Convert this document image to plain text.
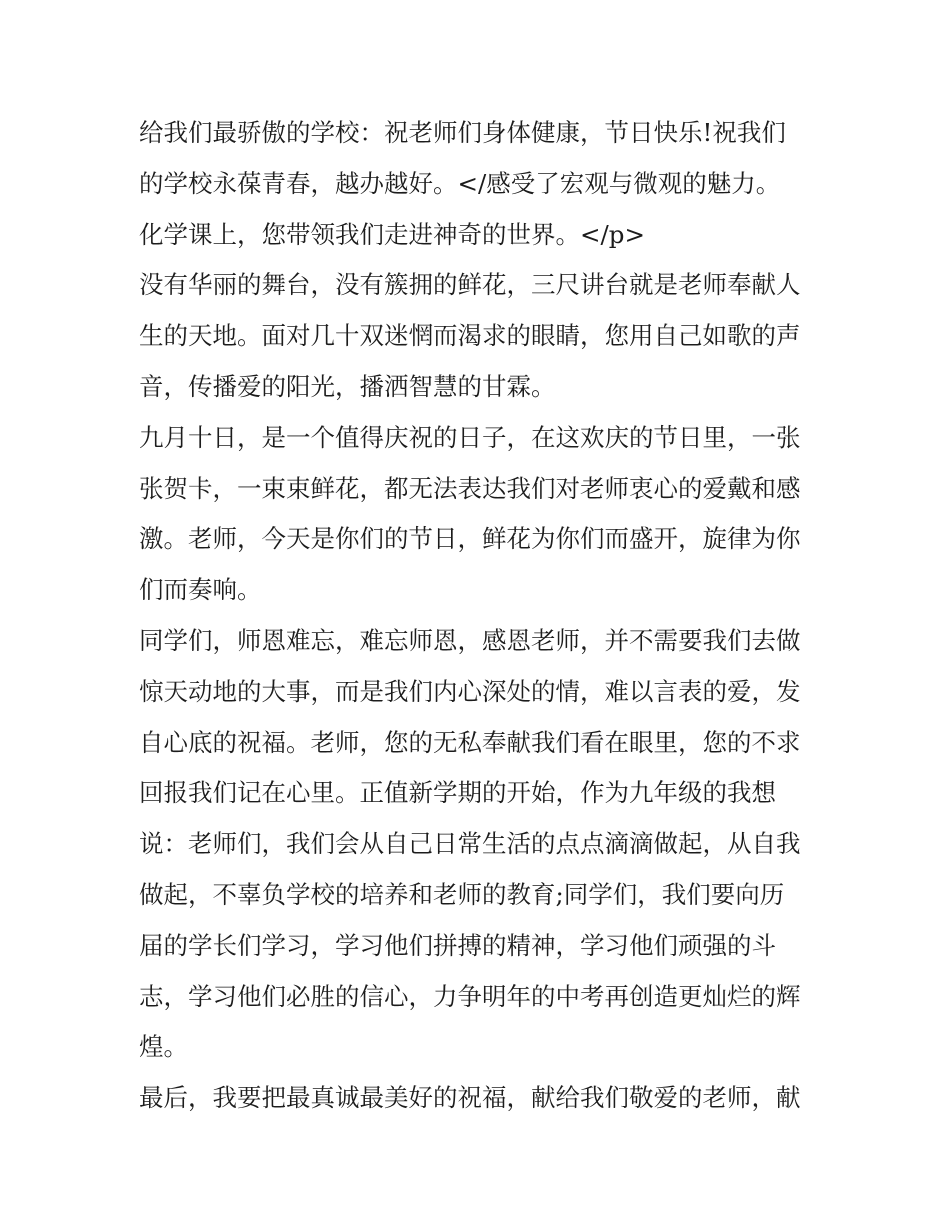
给我们最骄傲的学校：祝老师们身体健康，节日快乐!祝我们
的学校永葆青春，越办越好。</感受了宏观与微观的魅力。
化学课上，您带领我们走进神奇的世界。</p>
没有华丽的舞台，没有簇拥的鲜花，三尺讲台就是老师奉献人
生的天地。面对几十双迷惘而渴求的眼睛，您用自己如歌的声
音，传播爱的阳光，播洒智慧的甘霖。
九月十日，是一个值得庆祝的日子，在这欢庆的节日里，一张
张贺卡，一束束鲜花，都无法表达我们对老师衷心的爱戴和感
激。老师，今天是你们的节日，鲜花为你们而盛开，旋律为你
们而奏响。
同学们，师恩难忘，难忘师恩，感恩老师，并不需要我们去做
惊天动地的大事，而是我们内心深处的情，难以言表的爱，发
自心底的祝福。老师，您的无私奉献我们看在眼里，您的不求
回报我们记在心里。正值新学期的开始，作为九年级的我想
说：老师们，我们会从自己日常生活的点点滴滴做起，从自我
做起，不辜负学校的培养和老师的教育;同学们，我们要向历
届的学长们学习，学习他们拼搏的精神，学习他们顽强的斗
志，学习他们必胜的信心，力争明年的中考再创造更灿烂的辉
煌。
最后，我要把最真诚最美好的祝福，献给我们敬爱的老师，献
